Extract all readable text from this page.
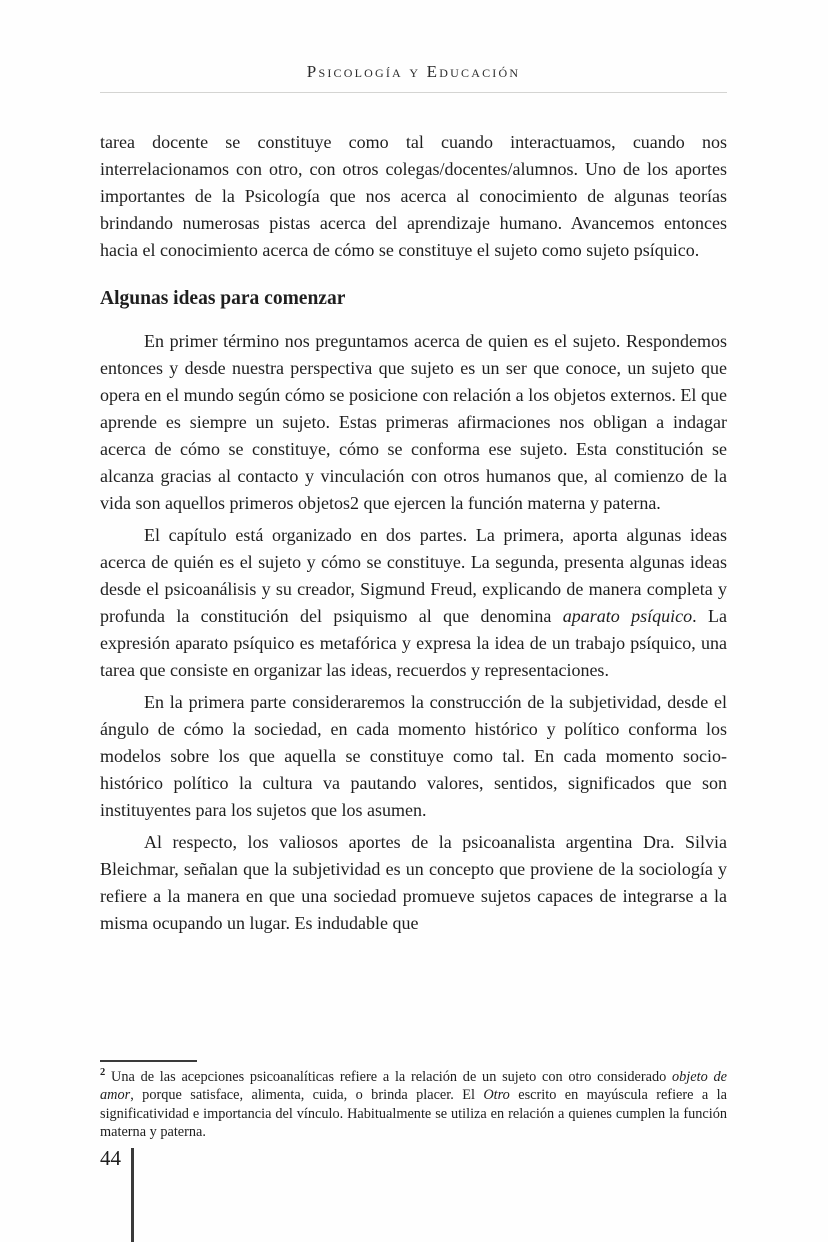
Psicología y Educación

tarea docente se constituye como tal cuando interactuamos, cuando nos interrelacionamos con otro, con otros colegas/docentes/alumnos. Uno de los aportes importantes de la Psicología que nos acerca al conocimiento de algunas teorías brindando numerosas pistas acerca del aprendizaje humano. Avancemos entonces hacia el conocimiento acerca de cómo se constituye el sujeto como sujeto psíquico.

Algunas ideas para comenzar

En primer término nos preguntamos acerca de quien es el sujeto. Respondemos entonces y desde nuestra perspectiva que sujeto es un ser que conoce, un sujeto que opera en el mundo según cómo se posicione con relación a los objetos externos. El que aprende es siempre un sujeto. Estas primeras afirmaciones nos obligan a indagar acerca de cómo se constituye, cómo se conforma ese sujeto. Esta constitución se alcanza gracias al contacto y vinculación con otros humanos que, al comienzo de la vida son aquellos primeros objetos2 que ejercen la función materna y paterna.

El capítulo está organizado en dos partes. La primera, aporta algunas ideas acerca de quién es el sujeto y cómo se constituye. La segunda, presenta algunas ideas desde el psicoanálisis y su creador, Sigmund Freud, explicando de manera completa y profunda la constitución del psiquismo al que denomina aparato psíquico. La expresión aparato psíquico es metafórica y expresa la idea de un trabajo psíquico, una tarea que consiste en organizar las ideas, recuerdos y representaciones.

En la primera parte consideraremos la construcción de la subjetividad, desde el ángulo de cómo la sociedad, en cada momento histórico y político conforma los modelos sobre los que aquella se constituye como tal. En cada momento socio-histórico político la cultura va pautando valores, sentidos, significados que son instituyentes para los sujetos que los asumen.

Al respecto, los valiosos aportes de la psicoanalista argentina Dra. Silvia Bleichmar, señalan que la subjetividad es un concepto que proviene de la sociología y refiere a la manera en que una sociedad promueve sujetos capaces de integrarse a la misma ocupando un lugar. Es indudable que

$^2$ Una de las acepciones psicoanalíticas refiere a la relación de un sujeto con otro considerado objeto de amor, porque satisface, alimenta, cuida, o brinda placer. El Otro escrito en mayúscula refiere a la significatividad e importancia del vínculo. Habitualmente se utiliza en relación a quienes cumplen la función materna y paterna.

44
